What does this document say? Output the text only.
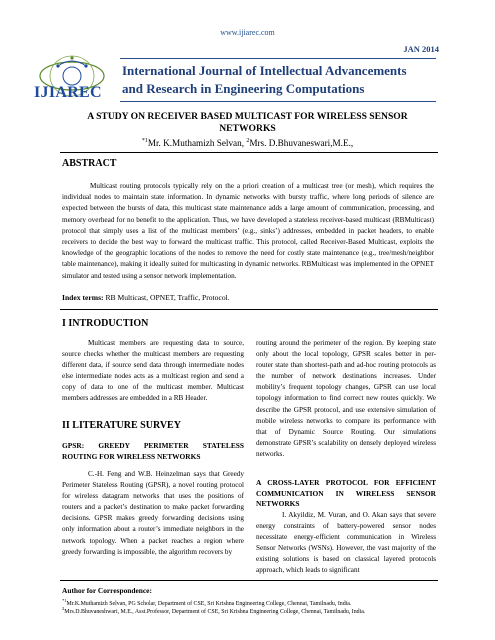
www.ijiarec.com
JAN 2014
IJIAREC
International Journal of Intellectual Advancements
and Research in Engineering Computations
A STUDY ON RECEIVER BASED MULTICAST FOR WIRELESS SENSOR
NETWORKS
$^{*1}$Mr. K.Muthamizh Selvan, $^2$Mrs. D.Bhuvaneswari,M.E.,
ABSTRACT
Multicast routing protocols typically rely on the a priori creation of a multicast tree (or mesh), which requires the individual nodes to maintain state information. In dynamic networks with bursty traffic, where long periods of silence are expected between the bursts of data, this multicast state maintenance adds a large amount of communication, processing, and memory overhead for no benefit to the application. Thus, we have developed a stateless receiver-based multicast (RBMulticast) protocol that simply uses a list of the multicast members’ (e.g., sinks’) addresses, embedded in packet headers, to enable receivers to decide the best way to forward the multicast traffic. This protocol, called Receiver-Based Multicast, exploits the knowledge of the geographic locations of the nodes to remove the need for costly state maintenance (e.g., tree/mesh/neighbor table maintenance), making it ideally suited for multicasting in dynamic networks. RBMulticast was implemented in the OPNET simulator and tested using a sensor network implementation.
Index terms: RB Multicast, OPNET, Traffic, Protocol.
I INTRODUCTION

Multicast members are requesting data to source, source checks whether the multicast members are requesting different data, if source send data through intermediate nodes else intermediate nodes acts as a multicast region and send a copy of data to one of the multicast member. Multicast members addresses are embedded in a RB Header.

II LITERATURE SURVEY
GPSR: GREEDY PERIMETER STATELESS ROUTING FOR WIRELESS NETWORKS

C.-H. Feng and W.B. Heinzelman says that Greedy Perimeter Stateless Routing (GPSR), a novel routing protocol for wireless datagram networks that uses the positions of routers and a packet’s destination to make packet forwarding decisions. GPSR makes greedy forwarding decisions using only information about a router’s immediate neighbors in the network topology. When a packet reaches a region where greedy forwarding is impossible, the algorithm recovers by

routing around the perimeter of the region. By keeping state only about the local topology, GPSR scales better in per-router state than shortest-path and ad-hoc routing protocols as the number of network destinations increases. Under mobility’s frequent topology changes, GPSR can use local topology information to find correct new routes quickly. We describe the GPSR protocol, and use extensive simulation of mobile wireless networks to compare its performance with that of Dynamic Source Routing. Our simulations demonstrate GPSR’s scalability on densely deployed wireless networks.

A CROSS-LAYER PROTOCOL FOR EFFICIENT COMMUNICATION IN WIRELESS SENSOR NETWORKS

I. Akyildiz, M. Vuran, and O. Akan says that severe energy constraints of battery-powered sensor nodes necessitate energy-efficient communication in Wireless Sensor Networks (WSNs). However, the vast majority of the existing solutions is based on classical layered protocols approach, which leads to significant

Author for Correspondence:
$^{*1}$Mr.K.Muthamizh Selvan, PG Scholar, Department of CSE, Sri Krishna Engineering College, Chennai, Tamilnadu, India.
$^2$Mrs.D.Bhuvaneshwari, M.E., Asst.Professor, Department of CSE, Sri Krishna Engineering College, Chennai, Tamilnadu, India.
